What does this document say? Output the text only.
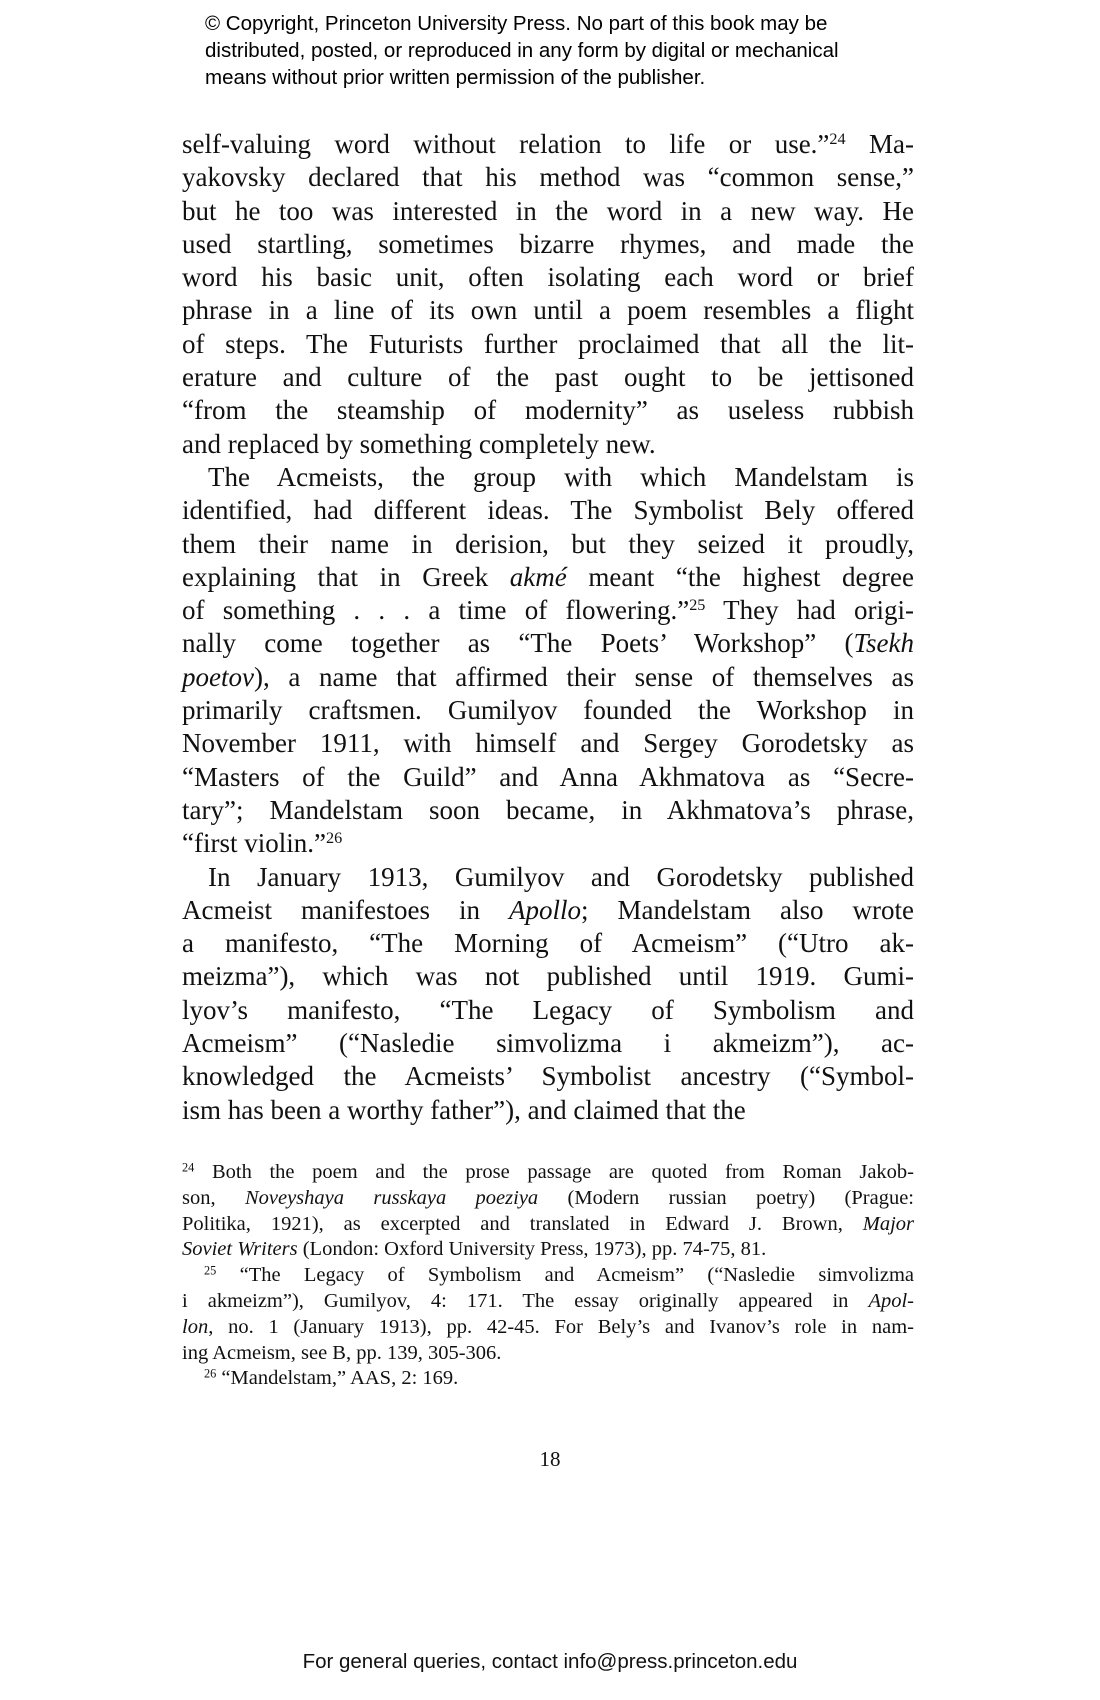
© Copyright, Princeton University Press. No part of this book may be
distributed, posted, or reproduced in any form by digital or mechanical
means without prior written permission of the publisher.

self-valuing word without relation to life or use.”$^{24}$ Ma-

yakovsky declared that his method was “common sense,”

but he too was interested in the word in a new way. He

used startling, sometimes bizarre rhymes, and made the

word his basic unit, often isolating each word or brief

phrase in a line of its own until a poem resembles a flight

of steps. The Futurists further proclaimed that all the lit-

erature and culture of the past ought to be jettisoned

“from the steamship of modernity” as useless rubbish

and replaced by something completely new.

The Acmeists, the group with which Mandelstam is

identified, had different ideas. The Symbolist Bely offered

them their name in derision, but they seized it proudly,

explaining that in Greek akmé meant “the highest degree

of something . . . a time of flowering.”$^{25}$ They had origi-

nally come together as “The Poets’ Workshop” (Tsekh

poetov), a name that affirmed their sense of themselves as

primarily craftsmen. Gumilyov founded the Workshop in

November 1911, with himself and Sergey Gorodetsky as

“Masters of the Guild” and Anna Akhmatova as “Secre-

tary”; Mandelstam soon became, in Akhmatova’s phrase,

“first violin.”$^{26}$

In January 1913, Gumilyov and Gorodetsky published

Acmeist manifestoes in Apollo; Mandelstam also wrote

a manifesto, “The Morning of Acmeism” (“Utro ak-

meizma”), which was not published until 1919. Gumi-

lyov’s manifesto, “The Legacy of Symbolism and

Acmeism” (“Nasledie simvolizma i akmeizm”), ac-

knowledged the Acmeists’ Symbolist ancestry (“Symbol-

ism has been a worthy father”), and claimed that the

$^{24}$ Both the poem and the prose passage are quoted from Roman Jakob-

son, Noveyshaya russkaya poeziya (Modern russian poetry) (Prague:

Politika, 1921), as excerpted and translated in Edward J. Brown, Major

Soviet Writers (London: Oxford University Press, 1973), pp. 74-75, 81.

$^{25}$ “The Legacy of Symbolism and Acmeism” (“Nasledie simvolizma

i akmeizm”), Gumilyov, 4: 171. The essay originally appeared in Apol-

lon, no. 1 (January 1913), pp. 42-45. For Bely’s and Ivanov’s role in nam-

ing Acmeism, see B, pp. 139, 305-306.

$^{26}$ “Mandelstam,” AAS, 2: 169.

18
For general queries, contact info@press.princeton.edu
